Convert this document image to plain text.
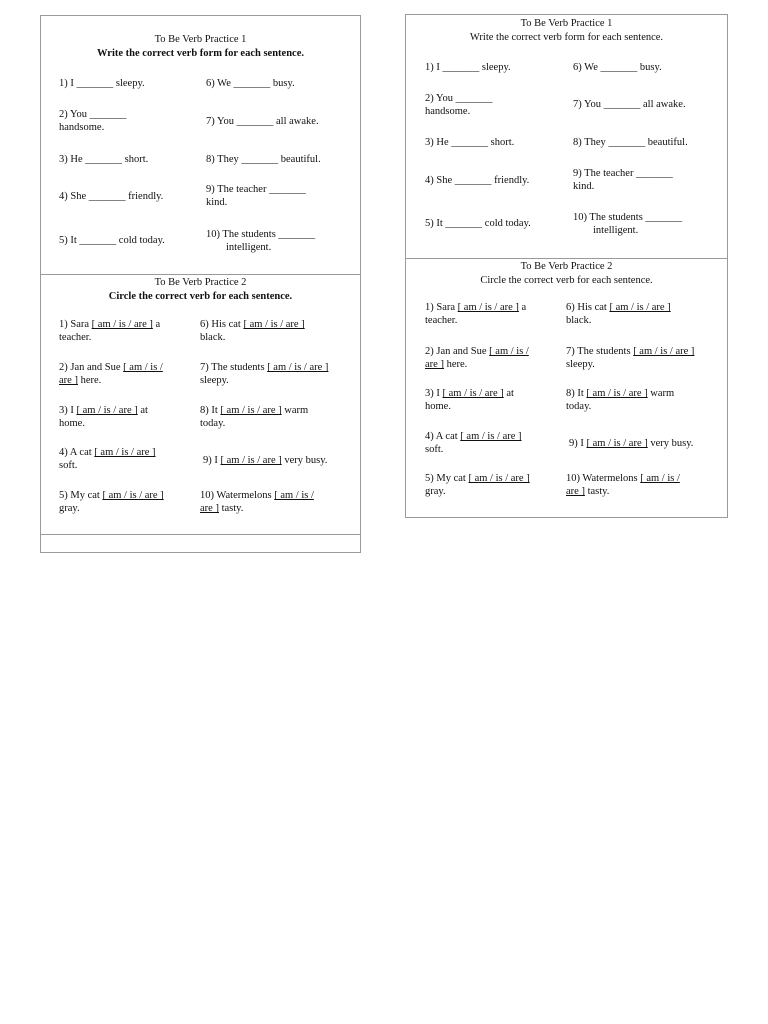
To Be Verb Practice 1
Write the correct verb form for each sentence.
1) I _______ sleepy.
2) You _______
handsome.
3) He _______ short.
4) She _______ friendly.
5) It _______ cold today.
6) We _______ busy.
7) You _______ all awake.
8) They _______ beautiful.
9) The teacher _______
kind.
10) The students _______
intelligent.
To Be Verb Practice 2
Circle the correct verb for each sentence.
1) Sara [ am / is / are ] a
teacher.
2) Jan and Sue [ am / is /
are ] here.
3) I [ am / is / are ] at
home.
4) A cat [ am / is / are ]
soft.
5) My cat [ am / is / are ]
gray.
6) His cat [ am / is / are ]
black.
7) The students [ am / is / are ]
sleepy.
8) It [ am / is / are ] warm
today.
9) I [ am / is / are ] very busy.
10) Watermelons [ am / is /
are ] tasty.
To Be Verb Practice 1
Write the correct verb form for each sentence.
1) I _______ sleepy.
2) You _______
handsome.
3) He _______ short.
4) She _______ friendly.
5) It _______ cold today.
6) We _______ busy.
7) You _______ all awake.
8) They _______ beautiful.
9) The teacher _______
kind.
10) The students _______
intelligent.
To Be Verb Practice 2
Circle the correct verb for each sentence.
1) Sara [ am / is / are ] a
teacher.
2) Jan and Sue [ am / is /
are ] here.
3) I [ am / is / are ] at
home.
4) A cat [ am / is / are ]
soft.
5) My cat [ am / is / are ]
gray.
6) His cat [ am / is / are ]
black.
7) The students [ am / is / are ]
sleepy.
8) It [ am / is / are ] warm
today.
9) I [ am / is / are ] very busy.
10) Watermelons [ am / is /
are ] tasty.
